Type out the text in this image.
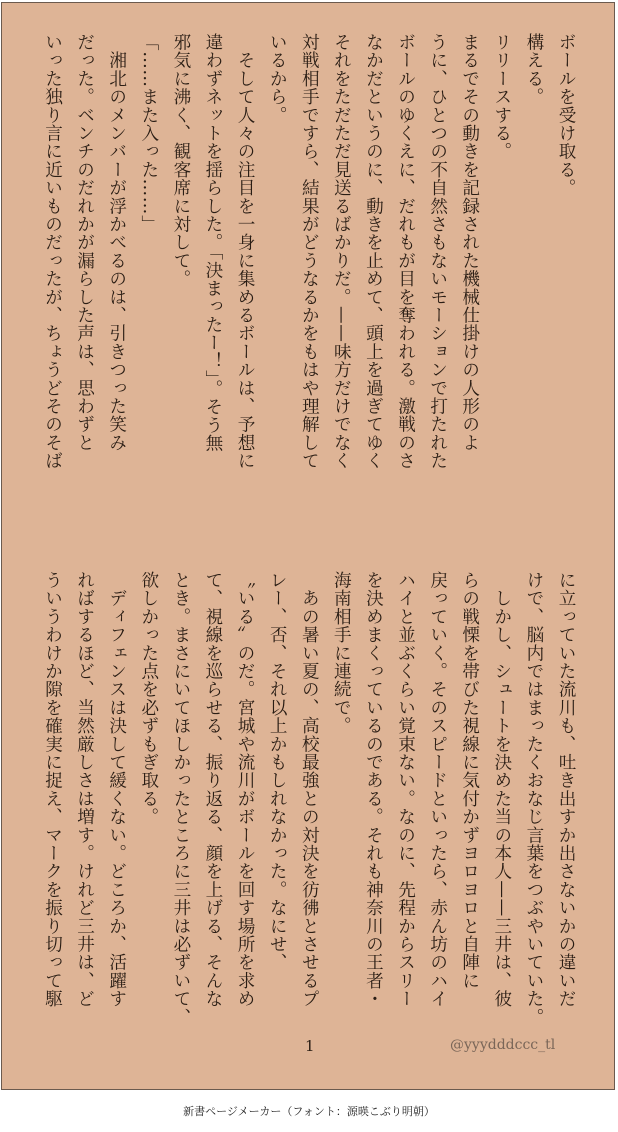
ボールを受け取る。
構える。
リリースする。
まるでその動きを記録された機械仕掛けの人形のよ
うに、ひとつの不自然さもないモーションで打たれた
ボールのゆくえに、だれもが目を奪われる。激戦のさ
なかだというのに、動きを止めて、頭上を過ぎてゆく
それをただただ見送るばかりだ。——味方だけでなく
対戦相手ですら、結果がどうなるかをもはや理解して
いるから。
　そして人々の注目を一身に集めるボールは、予想に
違わずネットを揺らした。「決まったー！」。そう無
邪気に沸く、観客席に対して。
「……また入った……」
　湘北のメンバーが浮かべるのは、引きつった笑み
だった。ベンチのだれかが漏らした声は、思わずと
いった独り言に近いものだったが、ちょうどそのそば
に立っていた流川も、吐き出すか出さないかの違いだ
けで、脳内ではまったくおなじ言葉をつぶやいていた。
　しかし、シュートを決めた当の本人——三井は、彼
らの戦慄を帯びた視線に気付かずヨロヨロと自陣に
戻っていく。そのスピードといったら、赤ん坊のハイ
ハイと並ぶくらい覚束ない。なのに、先程からスリー
を決めまくっているのである。それも神奈川の王者・
海南相手に連続で。
　あの暑い夏の、高校最強との対決を彷彿とさせるプ
レー、否、それ以上かもしれなかった。なにせ、
〝いる〟のだ。宮城や流川がボールを回す場所を求め
て、視線を巡らせる、振り返る、顔を上げる、そんな
とき。まさにいてほしかったところに三井は必ずいて、
欲しかった点を必ずもぎ取る。
　ディフェンスは決して緩くない。どころか、活躍す
ればするほど、当然厳しさは増す。けれど三井は、ど
ういうわけか隙を確実に捉え、マークを振り切って駆
1	@yyydddccc_tl
新書ページメーカー（フォント：源暎こぶり明朝）
